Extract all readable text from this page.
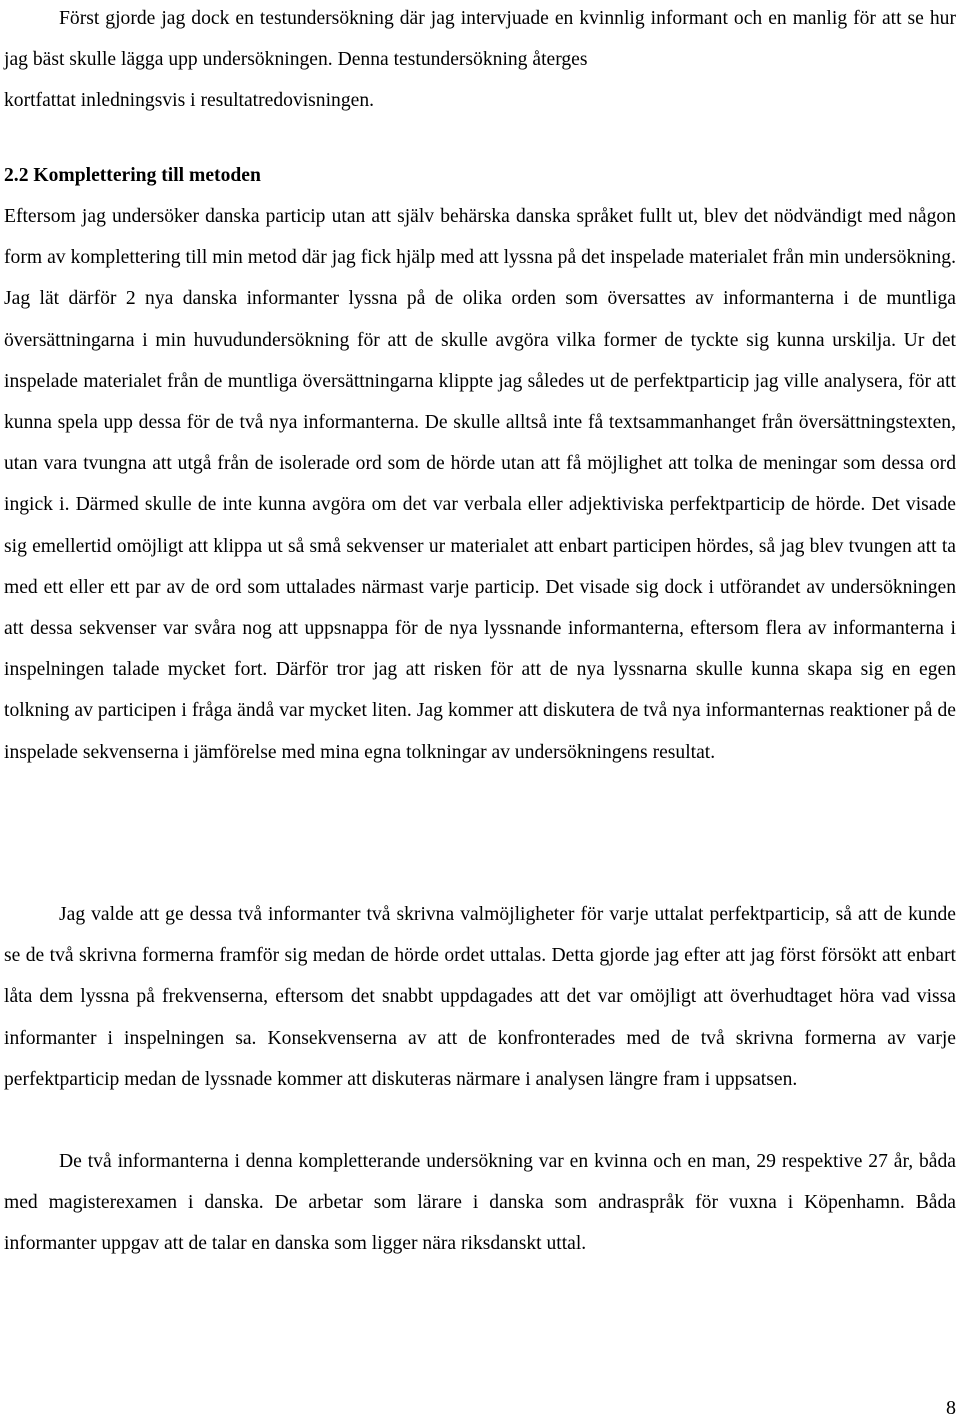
Först gjorde jag dock en testundersökning där jag intervjuade en kvinnlig informant och en manlig för att se hur jag bäst skulle lägga upp undersökningen. Denna testundersökning återges

kortfattat inledningsvis i resultatredovisningen.

2.2 Komplettering till metoden

Eftersom jag undersöker danska particip utan att själv behärska danska språket fullt ut, blev det nödvändigt med någon form av komplettering till min metod där jag fick hjälp med att lyssna på det inspelade materialet från min undersökning. Jag lät därför 2 nya danska informanter lyssna på de olika orden som översattes av informanterna i de muntliga översättningarna i min huvudundersökning för att de skulle avgöra vilka former de tyckte sig kunna urskilja. Ur det inspelade materialet från de muntliga översättningarna klippte jag således ut de perfektparticip jag ville analysera, för att kunna spela upp dessa för de två nya informanterna. De skulle alltså inte få textsammanhanget från översättningstexten, utan vara tvungna att utgå från de isolerade ord som de hörde utan att få möjlighet att tolka de meningar som dessa ord ingick i. Därmed skulle de inte kunna avgöra om det var verbala eller adjektiviska perfektparticip de hörde. Det visade sig emellertid omöjligt att klippa ut så små sekvenser ur materialet att enbart participen hördes, så jag blev tvungen att ta med ett eller ett par av de ord som uttalades närmast varje particip. Det visade sig dock i utförandet av undersökningen att dessa sekvenser var svåra nog att uppsnappa för de nya lyssnande informanterna, eftersom flera av informanterna i inspelningen talade mycket fort. Därför tror jag att risken för att de nya lyssnarna skulle kunna skapa sig en egen tolkning av participen i fråga ändå var mycket liten. Jag kommer att diskutera de två nya informanternas reaktioner på de inspelade sekvenserna i jämförelse med mina egna tolkningar av undersökningens resultat.

Jag valde att ge dessa två informanter två skrivna valmöjligheter för varje uttalat perfektparticip, så att de kunde se de två skrivna formerna framför sig medan de hörde ordet uttalas. Detta gjorde jag efter att jag först försökt att enbart låta dem lyssna på frekvenserna, eftersom det snabbt uppdagades att det var omöjligt att överhudtaget höra vad vissa informanter i inspelningen sa. Konsekvenserna av att de konfronterades med de två skrivna formerna av varje perfektparticip medan de lyssnade kommer att diskuteras närmare i analysen längre fram i uppsatsen.

De två informanterna i denna kompletterande undersökning var en kvinna och en man, 29 respektive 27 år, båda med magisterexamen i danska. De arbetar som lärare i danska som andraspråk för vuxna i Köpenhamn. Båda informanter uppgav att de talar en danska som ligger nära riksdanskt uttal.

8
